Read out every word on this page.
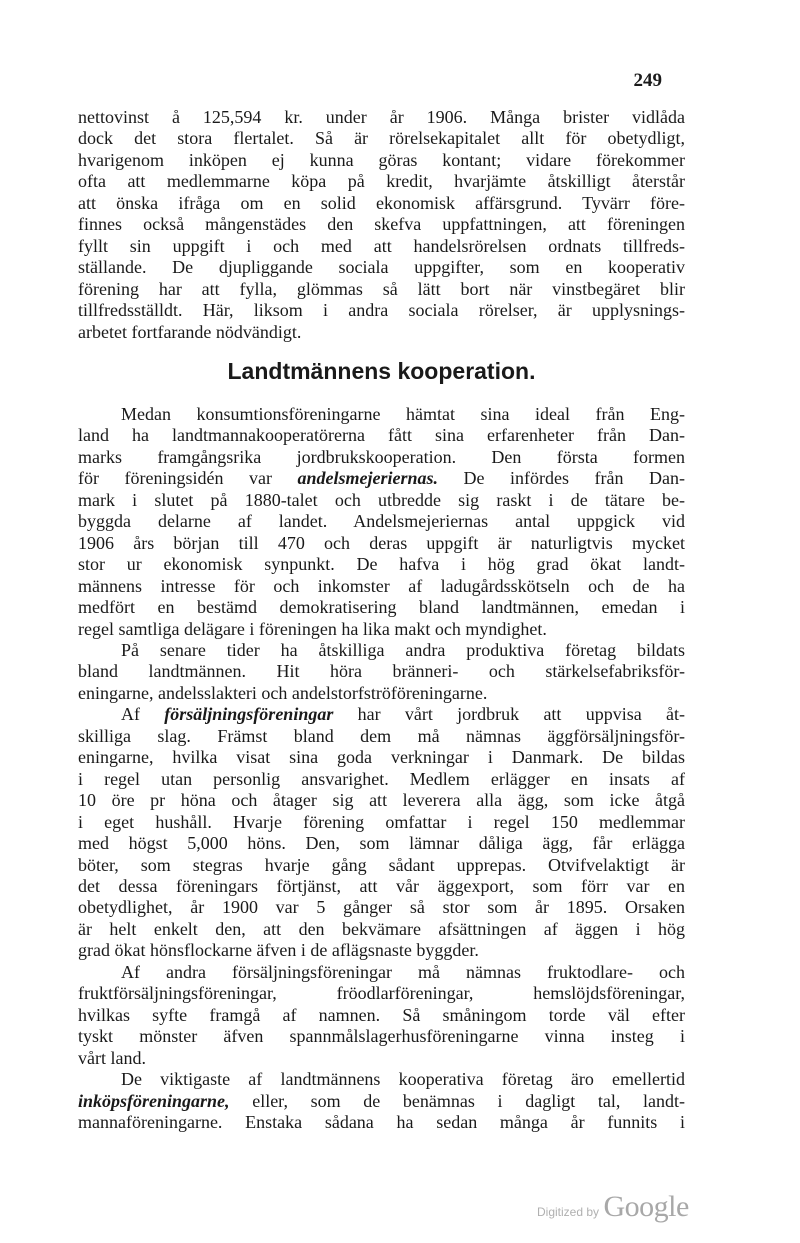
249
nettovinst å 125,594 kr. under år 1906. Många brister vidlåda
dock det stora flertalet. Så är rörelsekapitalet allt för obetydligt,
hvarigenom inköpen ej kunna göras kontant; vidare förekommer
ofta att medlemmarne köpa på kredit, hvarjämte åtskilligt återstår
att önska ifråga om en solid ekonomisk affärsgrund. Tyvärr före-
finnes också mångenstädes den skefva uppfattningen, att föreningen
fyllt sin uppgift i och med att handelsrörelsen ordnats tillfreds-
ställande. De djupliggande sociala uppgifter, som en kooperativ
förening har att fylla, glömmas så lätt bort när vinstbegäret blir
tillfredsställdt. Här, liksom i andra sociala rörelser, är upplysnings-
arbetet fortfarande nödvändigt.
Landtmännens kooperation.
Medan konsumtionsföreningarne hämtat sina ideal från Eng-
land ha landtmannakooperatörerna fått sina erfarenheter från Dan-
marks framgångsrika jordbrukskooperation. Den första formen
för föreningsidén var andelsmejeriernas. De infördes från Dan-
mark i slutet på 1880-talet och utbredde sig raskt i de tätare be-
byggda delarne af landet. Andelsmejeriernas antal uppgick vid
1906 års början till 470 och deras uppgift är naturligtvis mycket
stor ur ekonomisk synpunkt. De hafva i hög grad ökat landt-
männens intresse för och inkomster af ladugårdsskötseln och de ha
medfört en bestämd demokratisering bland landtmännen, emedan i
regel samtliga delägare i föreningen ha lika makt och myndighet.
På senare tider ha åtskilliga andra produktiva företag bildats
bland landtmännen. Hit höra bränneri- och stärkelsefabriksför-
eningarne, andelsslakteri och andelstorfströföreningarne.
Af försäljningsföreningar har vårt jordbruk att uppvisa åt-
skilliga slag. Främst bland dem må nämnas äggförsäljningsför-
eningarne, hvilka visat sina goda verkningar i Danmark. De bildas
i regel utan personlig ansvarighet. Medlem erlägger en insats af
10 öre pr höna och åtager sig att leverera alla ägg, som icke åtgå
i eget hushåll. Hvarje förening omfattar i regel 150 medlemmar
med högst 5,000 höns. Den, som lämnar dåliga ägg, får erlägga
böter, som stegras hvarje gång sådant upprepas. Otvifvelaktigt är
det dessa föreningars förtjänst, att vår äggexport, som förr var en
obetydlighet, år 1900 var 5 gånger så stor som år 1895. Orsaken
är helt enkelt den, att den bekvämare afsättningen af äggen i hög
grad ökat hönsflockarne äfven i de aflägsnaste byggder.
Af andra försäljningsföreningar må nämnas fruktodlare- och
fruktförsäljningsföreningar, fröodlarföreningar, hemslöjdsföreningar,
hvilkas syfte framgå af namnen. Så småningom torde väl efter
tyskt mönster äfven spannmålslagerhusföreningarne vinna insteg i
vårt land.
De viktigaste af landtmännens kooperativa företag äro emellertid
inköpsföreningarne, eller, som de benämnas i dagligt tal, landt-
mannaföreningarne. Enstaka sådana ha sedan många år funnits i
Digitized by Google
